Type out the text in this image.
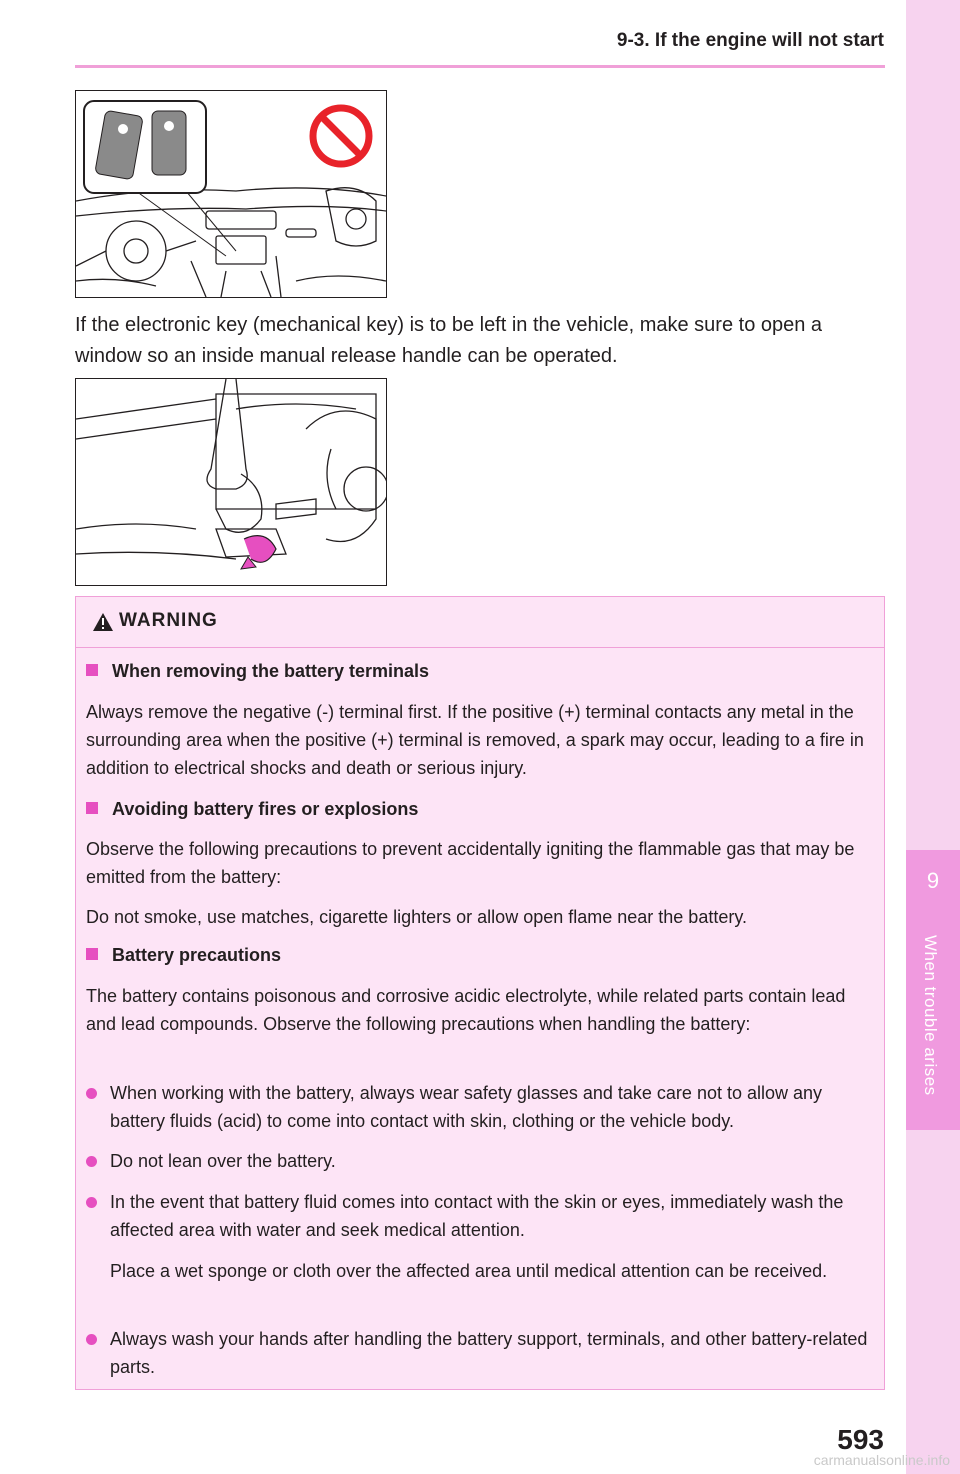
9
When trouble arises
9-3. If the engine will not start
If the electronic key (mechanical key) is to be left in the vehicle, make sure to open a window so an inside manual release handle can be operated.
WARNING
When removing the battery terminals
Always remove the negative (-) terminal first. If the positive (+) terminal contacts any metal in the surrounding area when the positive (+) terminal is removed, a spark may occur, leading to a fire in addition to electrical shocks and death or serious injury.
Avoiding battery fires or explosions
Observe the following precautions to prevent accidentally igniting the flammable gas that may be emitted from the battery:
Do not smoke, use matches, cigarette lighters or allow open flame near the battery.
Battery precautions
The battery contains poisonous and corrosive acidic electrolyte, while related parts contain lead and lead compounds. Observe the following precautions when handling the battery:
When working with the battery, always wear safety glasses and take care not to allow any battery fluids (acid) to come into contact with skin, clothing or the vehicle body.
Do not lean over the battery.
In the event that battery fluid comes into contact with the skin or eyes, immediately wash the affected area with water and seek medical attention.
Place a wet sponge or cloth over the affected area until medical attention can be received.
Always wash your hands after handling the battery support, terminals, and other battery-related parts.
593
carmanualsonline.info
